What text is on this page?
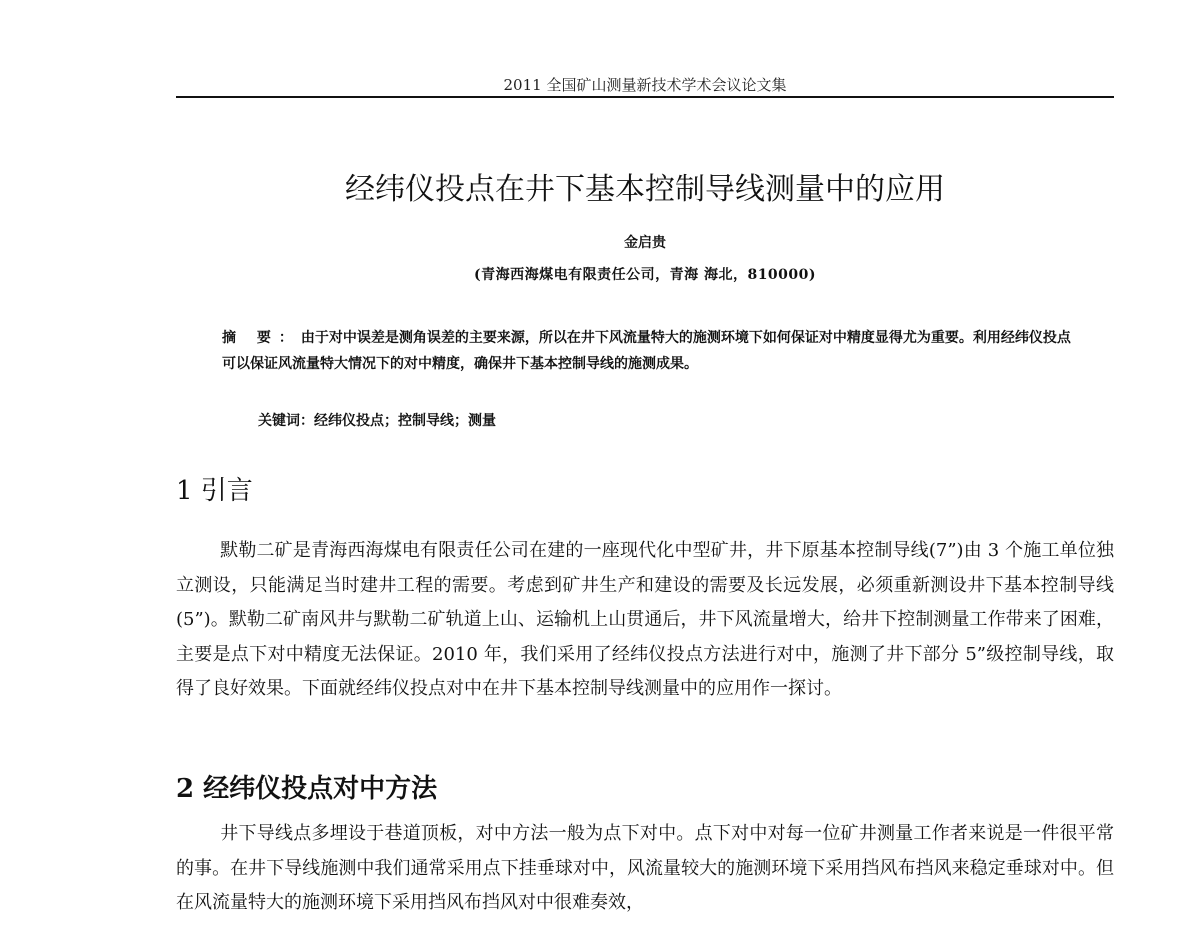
2011 全国矿山测量新技术学术会议论文集
经纬仪投点在井下基本控制导线测量中的应用
金启贵
(青海西海煤电有限责任公司，青海 海北，810000)

摘 要：由于对中误差是测角误差的主要来源，所以在井下风流量特大的施测环境下如何保证对中精度显得尤为重要。利用经纬仪投点可以保证风流量特大情况下的对中精度，确保井下基本控制导线的施测成果。

关键词：经纬仪投点；控制导线；测量
1 引言

默勒二矿是青海西海煤电有限责任公司在建的一座现代化中型矿井，井下原基本控制导线(7”)由 3 个施工单位独立测设，只能满足当时建井工程的需要。考虑到矿井生产和建设的需要及长远发展，必须重新测设井下基本控制导线(5”)。默勒二矿南风井与默勒二矿轨道上山、运输机上山贯通后，井下风流量增大，给井下控制测量工作带来了困难，主要是点下对中精度无法保证。2010 年，我们采用了经纬仪投点方法进行对中，施测了井下部分 5”级控制导线，取得了良好效果。下面就经纬仪投点对中在井下基本控制导线测量中的应用作一探讨。

2 经纬仪投点对中方法

井下导线点多埋设于巷道顶板，对中方法一般为点下对中。点下对中对每一位矿井测量工作者来说是一件很平常的事。在井下导线施测中我们通常采用点下挂垂球对中，风流量较大的施测环境下采用挡风布挡风来稳定垂球对中。但在风流量特大的施测环境下采用挡风布挡风对中很难奏效，
